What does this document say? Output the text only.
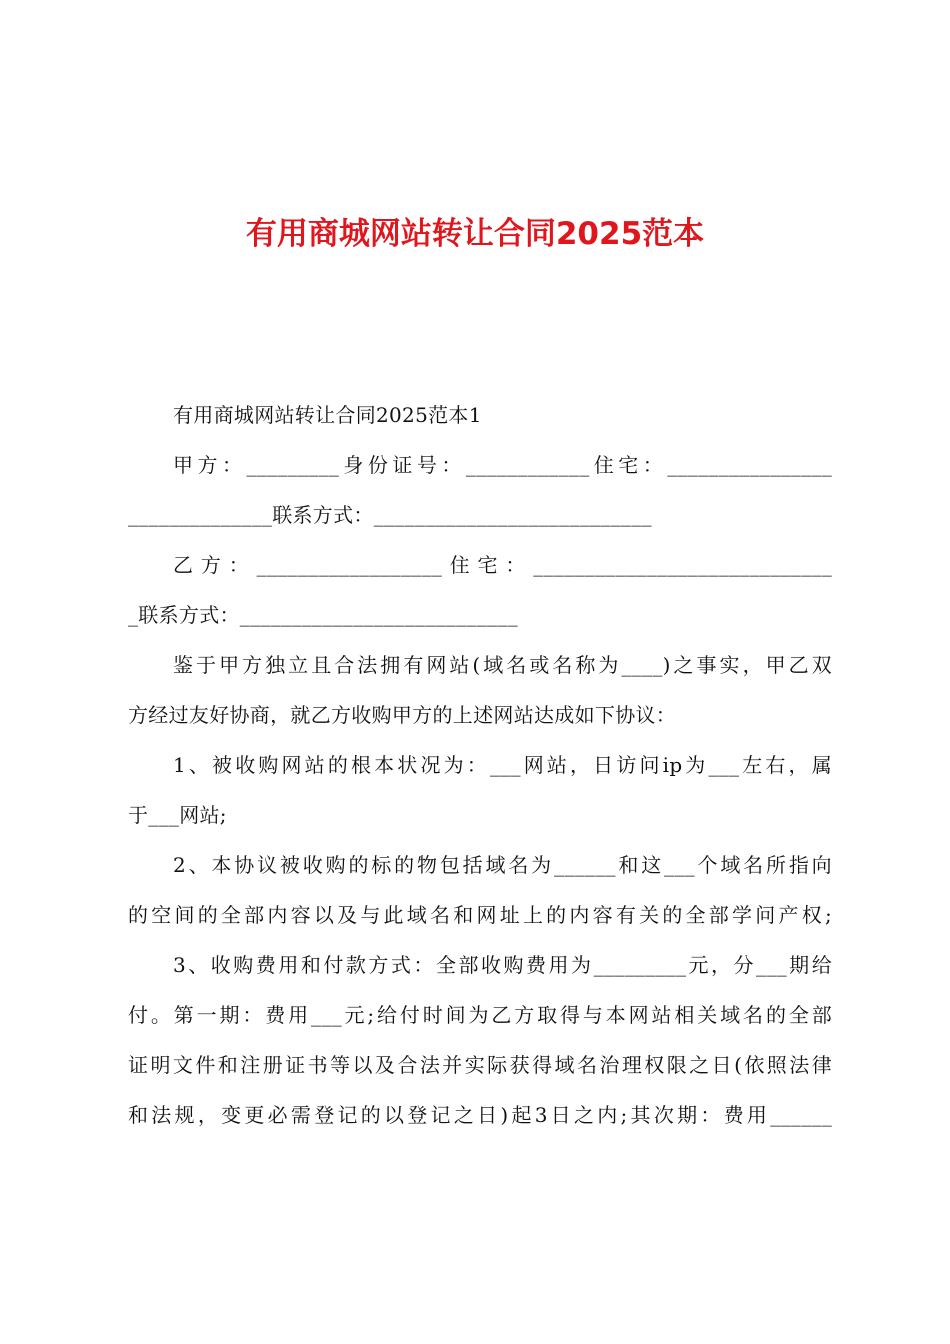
有用商城网站转让合同2025范本
有用商城网站转让合同2025范本1
甲方：_________身份证号：____________住宅：________________
______________联系方式：___________________________
乙方：__________________住宅：_____________________________
_联系方式：___________________________
鉴于甲方独立且合法拥有网站(域名或名称为____)之事实，甲乙双
方经过友好协商，就乙方收购甲方的上述网站达成如下协议：
1、被收购网站的根本状况为：___网站，日访问ip为___左右，属
于___网站;
2、本协议被收购的标的物包括域名为______和这___个域名所指向
的空间的全部内容以及与此域名和网址上的内容有关的全部学问产权;
3、收购费用和付款方式：全部收购费用为_________元，分___期给
付。第一期：费用___元;给付时间为乙方取得与本网站相关域名的全部
证明文件和注册证书等以及合法并实际获得域名治理权限之日(依照法律
和法规，变更必需登记的以登记之日)起3日之内;其次期：费用______
